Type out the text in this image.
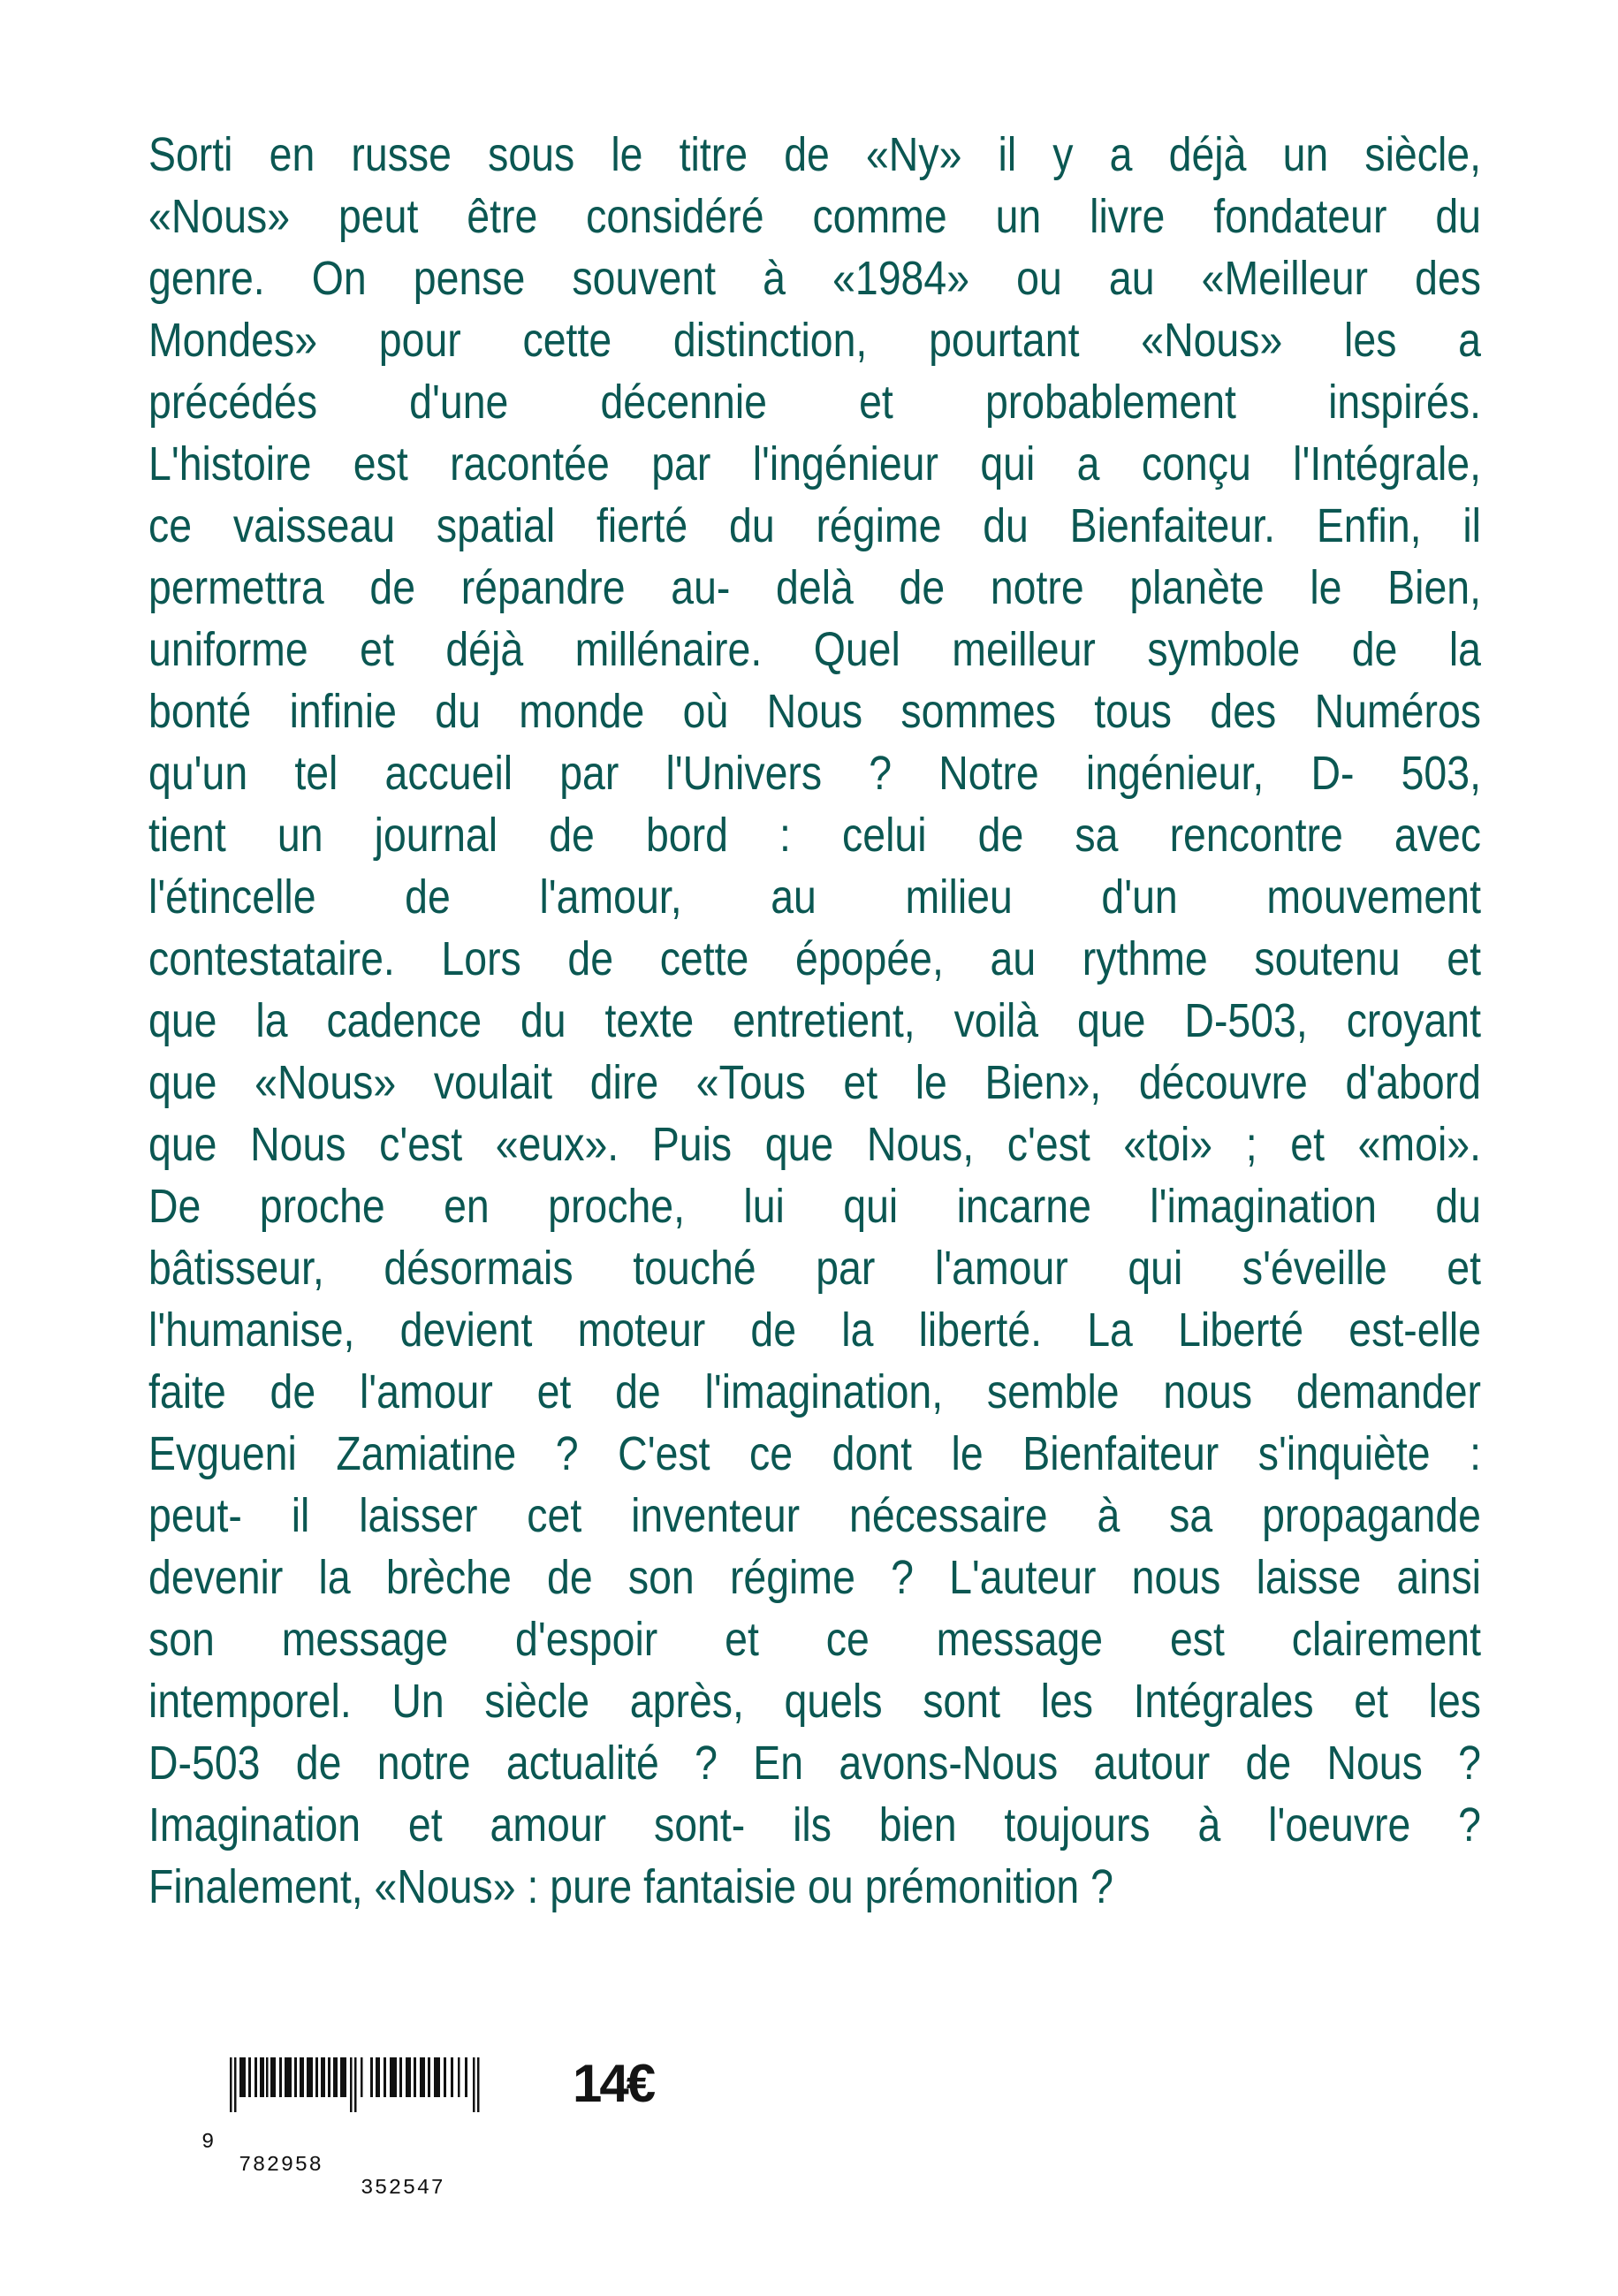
Sorti en russe sous le titre de «Ny» il y a déjà un siècle,
«Nous» peut être considéré comme un livre fondateur du
genre. On pense souvent à «1984» ou au «Meilleur des
Mondes» pour cette distinction, pourtant «Nous» les a
précédés d'une décennie et probablement inspirés.
L'histoire est racontée par l'ingénieur qui a conçu l'Intégrale,
ce vaisseau spatial fierté du régime du Bienfaiteur. Enfin, il
permettra de répandre au- delà de notre planète le Bien,
uniforme et déjà millénaire. Quel meilleur symbole de la
bonté infinie du monde où Nous sommes tous des Numéros
qu'un tel accueil par l'Univers ? Notre ingénieur, D- 503,
tient un journal de bord : celui de sa rencontre avec
l'étincelle de l'amour, au milieu d'un mouvement
contestataire. Lors de cette épopée, au rythme soutenu et
que la cadence du texte entretient, voilà que D-503, croyant
que «Nous» voulait dire «Tous et le Bien», découvre d'abord
que Nous c'est «eux». Puis que Nous, c'est «toi» ; et «moi».
De proche en proche, lui qui incarne l'imagination du
bâtisseur, désormais touché par l'amour qui s'éveille et
l'humanise, devient moteur de la liberté. La Liberté est-elle
faite de l'amour et de l'imagination, semble nous demander
Evgueni Zamiatine ? C'est ce dont le Bienfaiteur s'inquiète :
peut- il laisser cet inventeur nécessaire à sa propagande
devenir la brèche de son régime ? L'auteur nous laisse ainsi
son message d'espoir et ce message est clairement
intemporel. Un siècle après, quels sont les Intégrales et les
D-503 de notre actualité ? En avons-Nous autour de Nous ?
Imagination et amour sont- ils bien toujours à l'oeuvre ?
Finalement, «Nous» : pure fantaisie ou prémonition ?

9

782958

352547

14€
